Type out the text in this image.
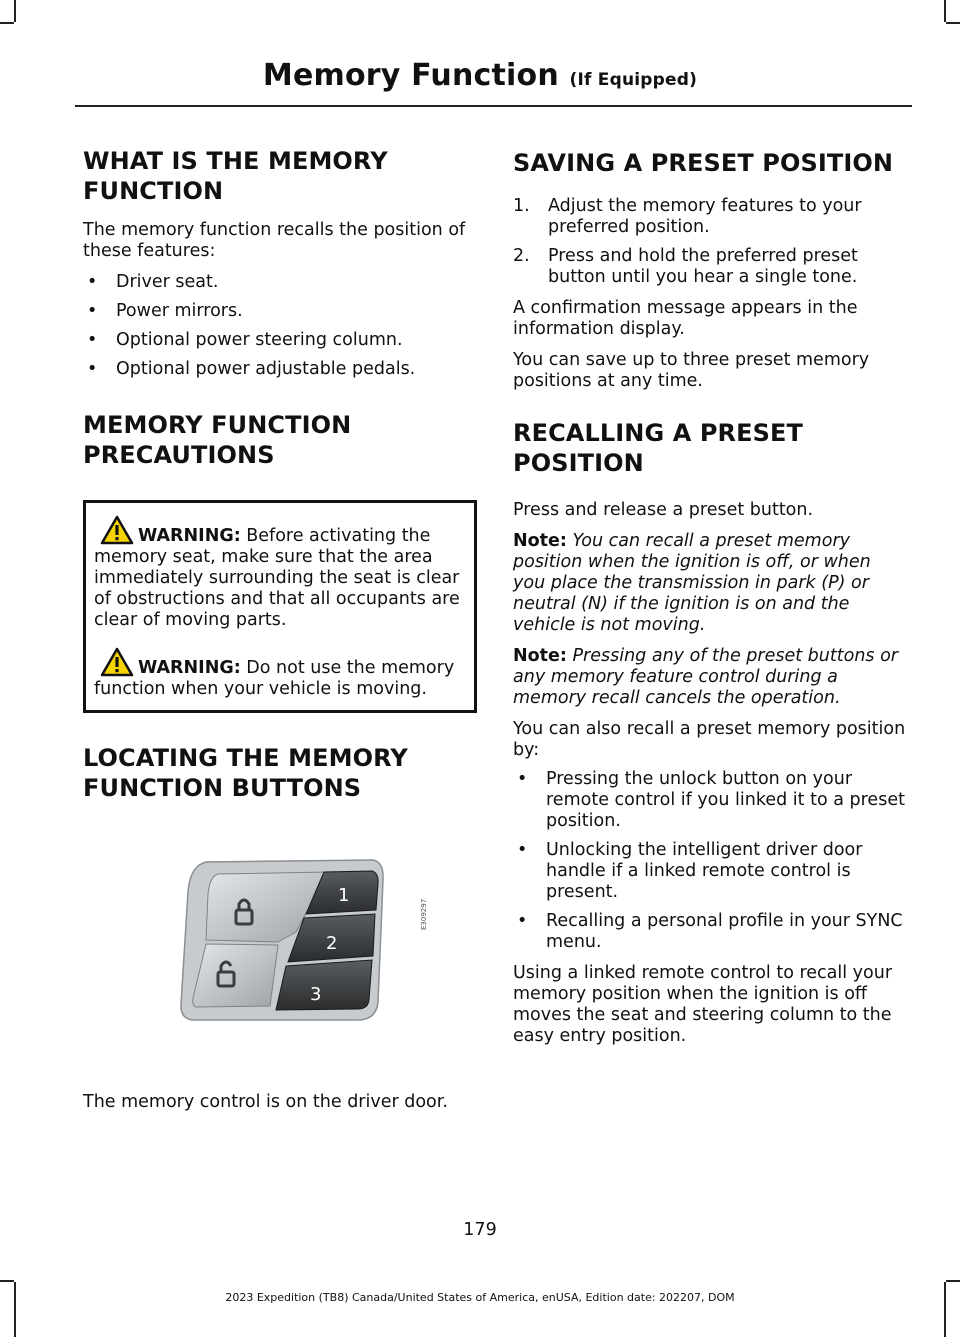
Memory Function (If Equipped)
WHAT IS THE MEMORY
FUNCTION

The memory function recalls the position of these features:

• Driver seat.
• Power mirrors.
• Optional power steering column.
• Optional power adjustable pedals.
MEMORY FUNCTION
PRECAUTIONS
WARNING: Before activating the memory seat, make sure that the area immediately surrounding the seat is clear of obstructions and that all occupants are clear of moving parts.
WARNING: Do not use the memory function when your vehicle is moving.
LOCATING THE MEMORY
FUNCTION BUTTONS
1
2
3
E309297
The memory control is on the driver door.
SAVING A PRESET POSITION
1. Adjust the memory features to your preferred position.
2. Press and hold the preferred preset button until you hear a single tone.

A confirmation message appears in the information display.

You can save up to three preset memory positions at any time.

RECALLING A PRESET
POSITION

Press and release a preset button.

Note: You can recall a preset memory position when the ignition is off, or when you place the transmission in park (P) or neutral (N) if the ignition is on and the vehicle is not moving.

Note: Pressing any of the preset buttons or any memory feature control during a memory recall cancels the operation.

You can also recall a preset memory position by:

• Pressing the unlock button on your remote control if you linked it to a preset position.
• Unlocking the intelligent driver door handle if a linked remote control is present.
• Recalling a personal profile in your SYNC menu.

Using a linked remote control to recall your memory position when the ignition is off moves the seat and steering column to the easy entry position.

179
2023 Expedition (TB8) Canada/United States of America, enUSA, Edition date: 202207, DOM
